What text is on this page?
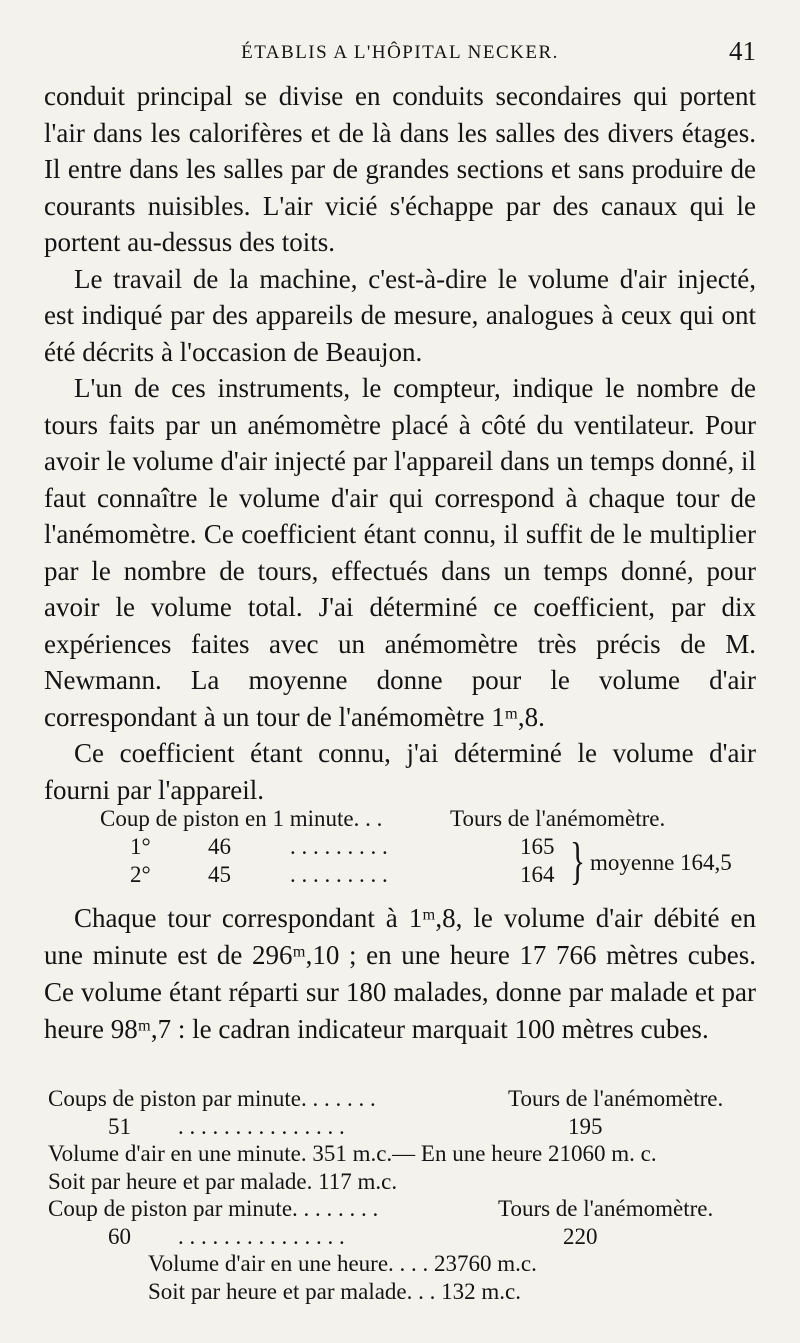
ÉTABLIS A L'HÔPITAL NECKER.	41

conduit principal se divise en conduits secondaires qui portent l'air dans les calorifères et de là dans les salles des divers étages. Il entre dans les salles par de grandes sections et sans produire de courants nuisibles. L'air vicié s'échappe par des canaux qui le portent au-dessus des toits.

Le travail de la machine, c'est-à-dire le volume d'air injecté, est indiqué par des appareils de mesure, analogues à ceux qui ont été décrits à l'occasion de Beaujon.

L'un de ces instruments, le compteur, indique le nombre de tours faits par un anémomètre placé à côté du ventilateur. Pour avoir le volume d'air injecté par l'appareil dans un temps donné, il faut connaître le volume d'air qui correspond à chaque tour de l'anémomètre. Ce coefficient étant connu, il suffit de le multiplier par le nombre de tours, effectués dans un temps donné, pour avoir le volume total. J'ai déterminé ce coefficient, par dix expériences faites avec un anémomètre très précis de M. Newmann. La moyenne donne pour le volume d'air correspondant à un tour de l'anémomètre 1ᵐ,8.

Ce coefficient étant connu, j'ai déterminé le volume d'air fourni par l'appareil.

Coup de piston en 1 minute. . .	Tours de l'anémomètre.
1° 46	. . . . . . . . .	165
2° 45	. . . . . . . . .	164 } moyenne 164,5

Chaque tour correspondant à 1ᵐ,8, le volume d'air débité en une minute est de 296ᵐ,10 ; en une heure 17 766 mètres cubes. Ce volume étant réparti sur 180 malades, donne par malade et par heure 98ᵐ,7 : le cadran indicateur marquait 100 mètres cubes.

Coups de piston par minute. . . . . . .	Tours de l'anémomètre.
51 . . . . . . . . . . . . . . .	195
Volume d'air en une minute. 351 m.c.— En une heure 21060 m. c.
Soit par heure et par malade. 117 m.c.
Coup de piston par minute. . . . . . . .	Tours de l'anémomètre.
60 . . . . . . . . . . . . . . .	220
Volume d'air en une heure. . . . 23760 m.c.
Soit par heure et par malade. . . 132 m.c.
